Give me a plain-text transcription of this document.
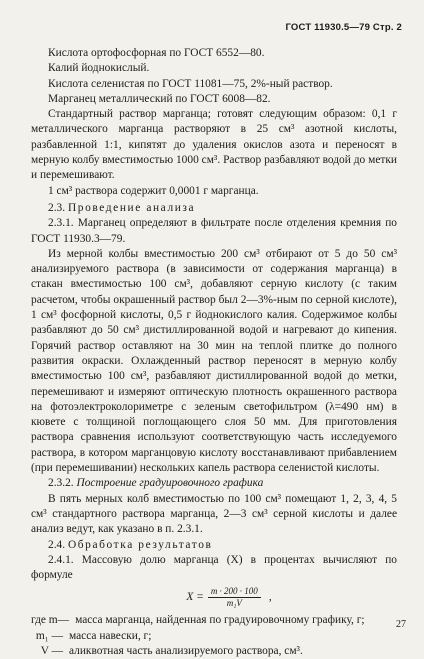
ГОСТ 11930.5—79 Стр. 2

Кислота ортофосфорная по ГОСТ 6552—80.

Калий йоднокислый.

Кислота селенистая по ГОСТ 11081—75, 2%-ный раствор.

Марганец металлический по ГОСТ 6008—82.

Стандартный раствор марганца; готовят следующим образом: 0,1 г металлического марганца растворяют в 25 см³ азотной кислоты, разбавленной 1:1, кипятят до удаления окислов азота и переносят в мерную колбу вместимостью 1000 см³. Раствор разбавляют водой до метки и перемешивают.

1 см³ раствора содержит 0,0001 г марганца.

2.3. Проведение анализа

2.3.1. Марганец определяют в фильтрате после отделения кремния по ГОСТ 11930.3—79.

Из мерной колбы вместимостью 200 см³ отбирают от 5 до 50 см³ анализируемого раствора (в зависимости от содержания марганца) в стакан вместимостью 100 см³, добавляют серную кислоту (с таким расчетом, чтобы окрашенный раствор был 2—3%-ным по серной кислоте), 1 см³ фосфорной кислоты, 0,5 г йоднокислого калия. Содержимое колбы разбавляют до 50 см³ дистиллированной водой и нагревают до кипения. Горячий раствор оставляют на 30 мин на теплой плитке до полного развития окраски. Охлажденный раствор переносят в мерную колбу вместимостью 100 см³, разбавляют дистиллированной водой до метки, перемешивают и измеряют оптическую плотность окрашенного раствора на фотоэлектроколориметре с зеленым светофильтром (λ=490 нм) в кювете с толщиной поглощающего слоя 50 мм. Для приготовления раствора сравнения используют соответствующую часть исследуемого раствора, в котором марганцовую кислоту восстанавливают прибавлением (при перемешивании) нескольких капель раствора селенистой кислоты.

2.3.2. Построение градуировочного графика

В пять мерных колб вместимостью по 100 см³ помещают 1, 2, 3, 4, 5 см³ стандартного раствора марганца, 2—3 см³ серной кислоты и далее анализ ведут, как указано в п. 2.3.1.

2.4. Обработка результатов

2.4.1. Массовую долю марганца (X) в процентах вычисляют по формуле

$X = \frac{m \cdot 200 \cdot 100}{\text{m₁V}}$ ,
где m— масса марганца, найденная по градуировочному графику, г;
m₁ — масса навески, г;
V — аликвотная часть анализируемого раствора, см³.
27
